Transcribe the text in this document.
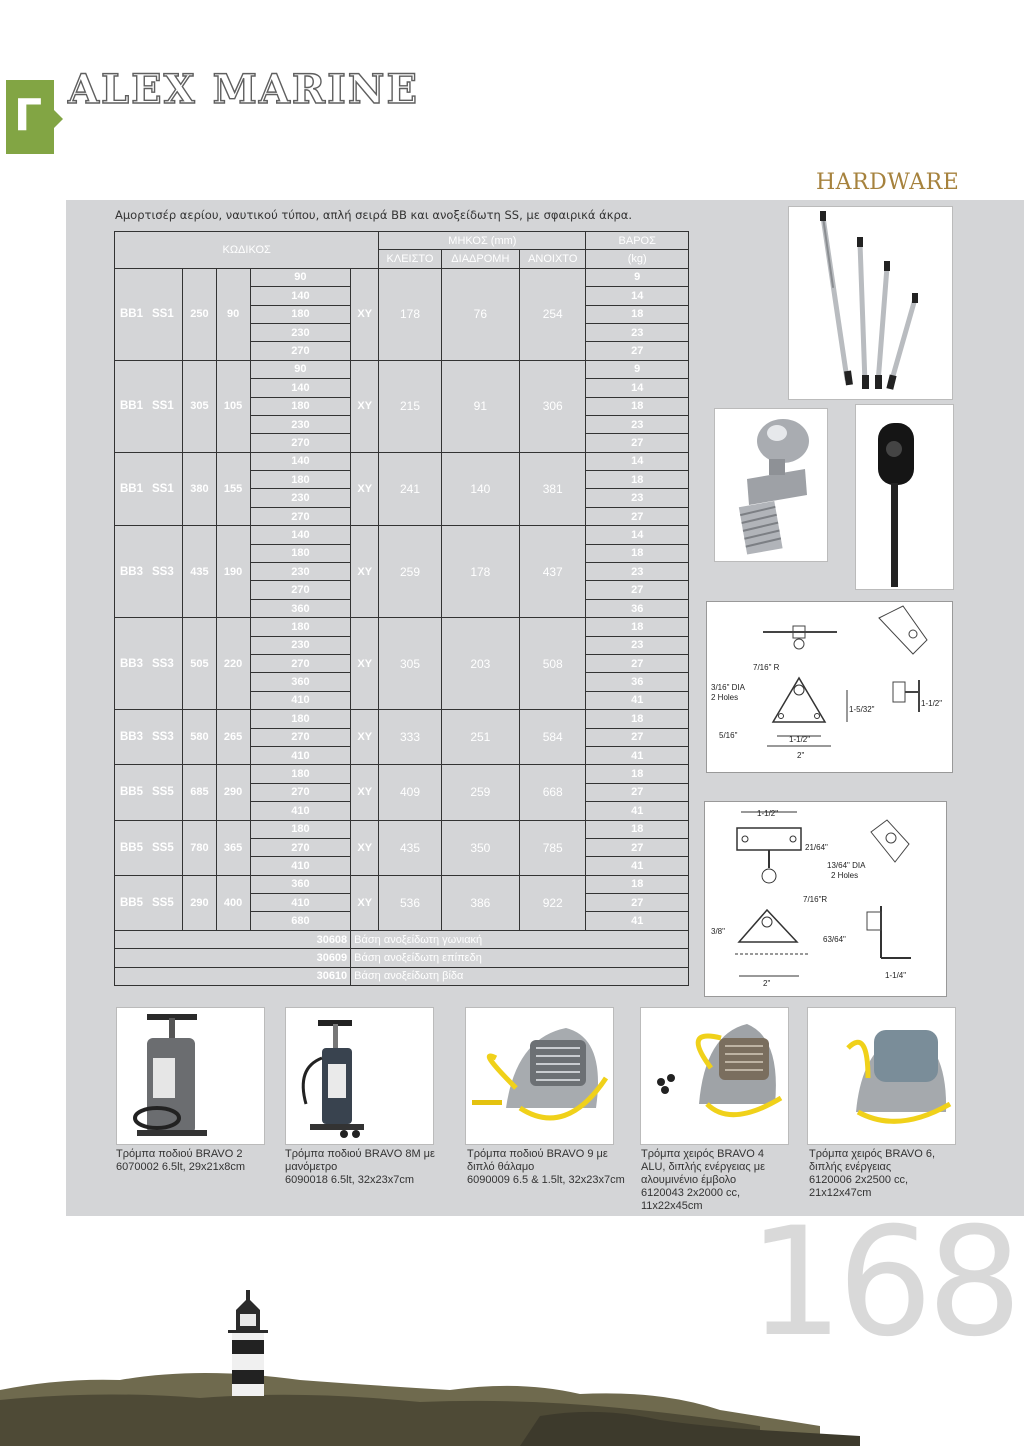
Γ
ALEX MARINE
HARDWARE
Αμορτισέρ αερίου, ναυτικού τύπου, απλή σειρά BB και ανοξείδωτη SS, με σφαιρικά άκρα.
ΚΩΔΙΚΟΣ					ΜΗΚΟΣ (mm)			ΒΑΡΟΣ
					ΚΛΕΙΣΤΟ	ΔΙΑΔΡΟΜΗ	ΑΝΟΙΧΤΟ	(kg)
BB1 SS1	250	90	90	XY	178	76	254	9
			140					14
			180					18
			230					23
			270					27
BB1 SS1	305	105	90	XY	215	91	306	9
			140					14
			180					18
			230					23
			270					27
BB1 SS1	380	155	140	XY	241	140	381	14
			180					18
			230					23
			270					27
BB3 SS3	435	190	140	XY	259	178	437	14
			180					18
			230					23
			270					27
			360					36
BB3 SS3	505	220	180	XY	305	203	508	18
			230					23
			270					27
			360					36
			410					41
BB3 SS3	580	265	180	XY	333	251	584	18
			270					27
			410					41
BB5 SS5	685	290	180	XY	409	259	668	18
			270					27
			410					41
BB5 SS5	780	365	180	XY	435	350	785	18
			270					27
			410					41
BB5 SS5	290	400	360	XY	536	386	922	18
			410					27
			680					41
30608				Βάση ανοξείδωτη γωνιακή				
30609				Βάση ανοξείδωτη επίπεδη				
30610				Βάση ανοξείδωτη βίδα				
7/16" R
3/16" DIA
2 Holes
5/16"	1-1/2"
2"
1-5/32"
1-1/2"
1-1/2"
21/64"
13/64" DIA
2 Holes
7/16"R
3/8"
63/64"
2"
1-1/4"
Τρόμπα ποδιού BRAVO 2
6070002 6.5lt, 29x21x8cm
Τρόμπα ποδιού BRAVO 8M με
μανόμετρο
6090018 6.5lt, 32x23x7cm
Τρόμπα ποδιού BRAVO 9 με
διπλό θάλαμο
6090009 6.5 & 1.5lt, 32x23x7cm
Τρόμπα χειρός BRAVO 4
ALU, διπλής ενέργειας με
αλουμινένιο έμβολο
6120043 2x2000 cc,
11x22x45cm
Τρόμπα χειρός BRAVO 6,
διπλής ενέργειας
6120006 2x2500 cc,
21x12x47cm
168
